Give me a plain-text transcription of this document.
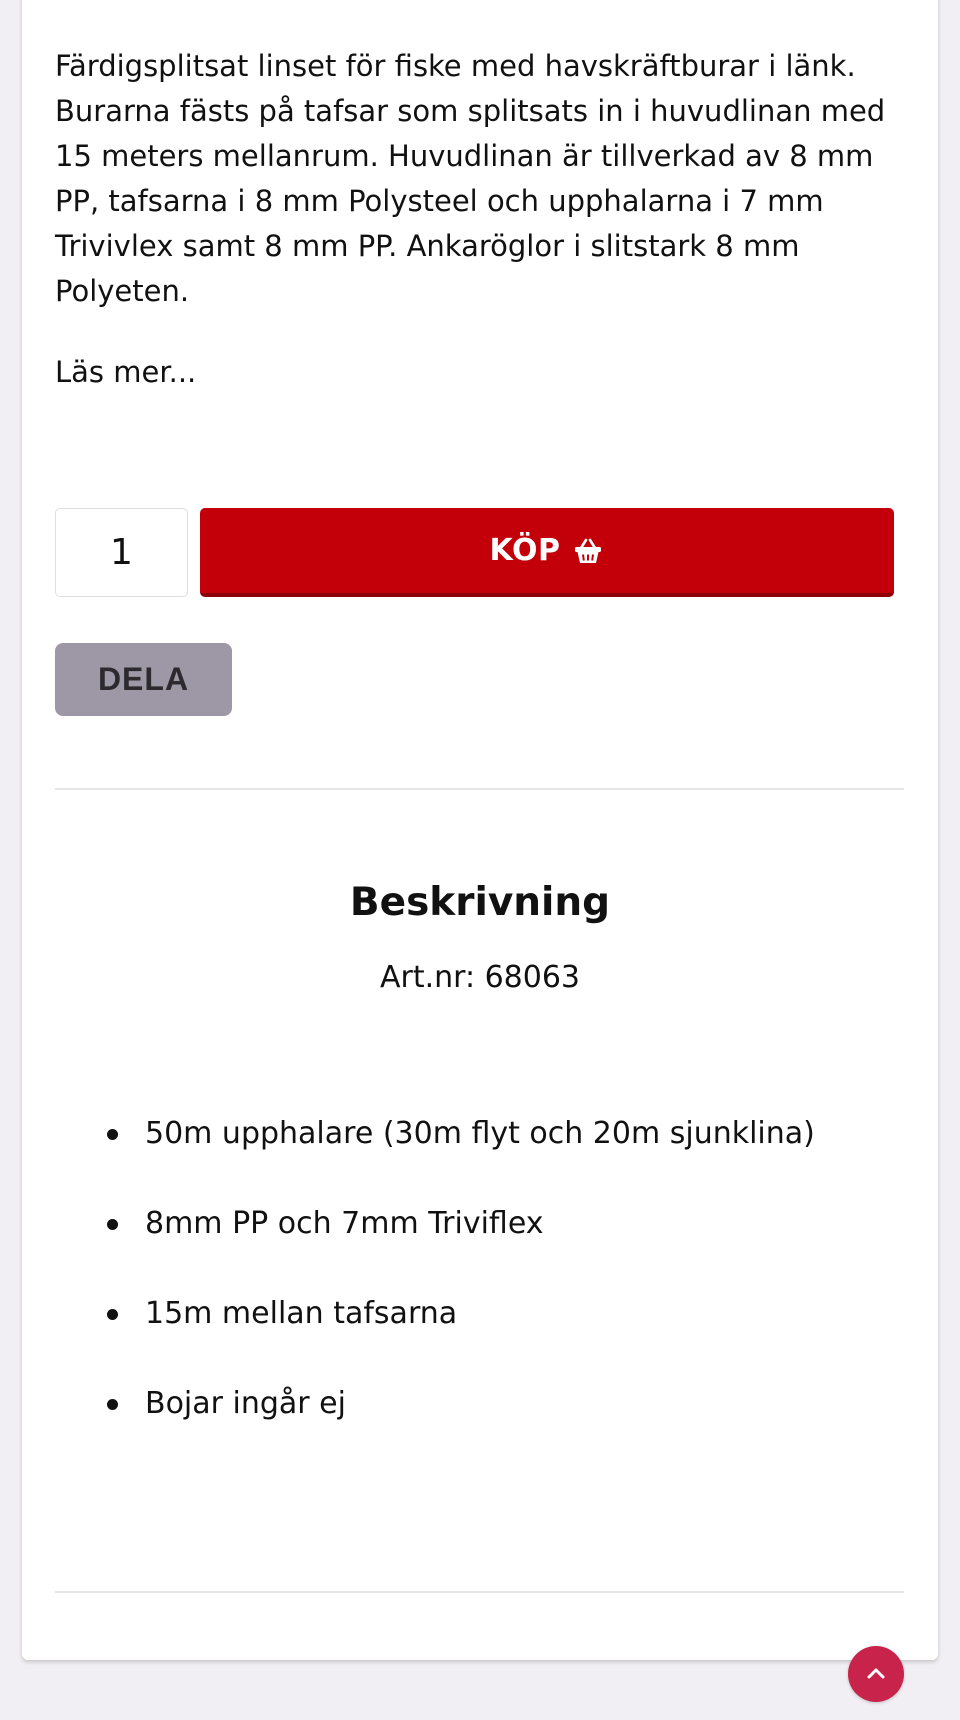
Färdigsplitsat linset för fiske med havskräftburar i länk. Burarna fästs på tafsar som splitsats in i huvudlinan med 15 meters mellanrum. Huvudlinan är tillverkad av 8 mm PP, tafsarna i 8 mm Polysteel och upphalarna i 7 mm Trivivlex samt 8 mm PP. Ankaröglor i slitstark 8 mm Polyeten.

Läs mer...
1
KÖP
DELA
Beskrivning
Art.nr: 68063
50m upphalare (30m flyt och 20m sjunklina)
8mm PP och 7mm Triviflex
15m mellan tafsarna
Bojar ingår ej
